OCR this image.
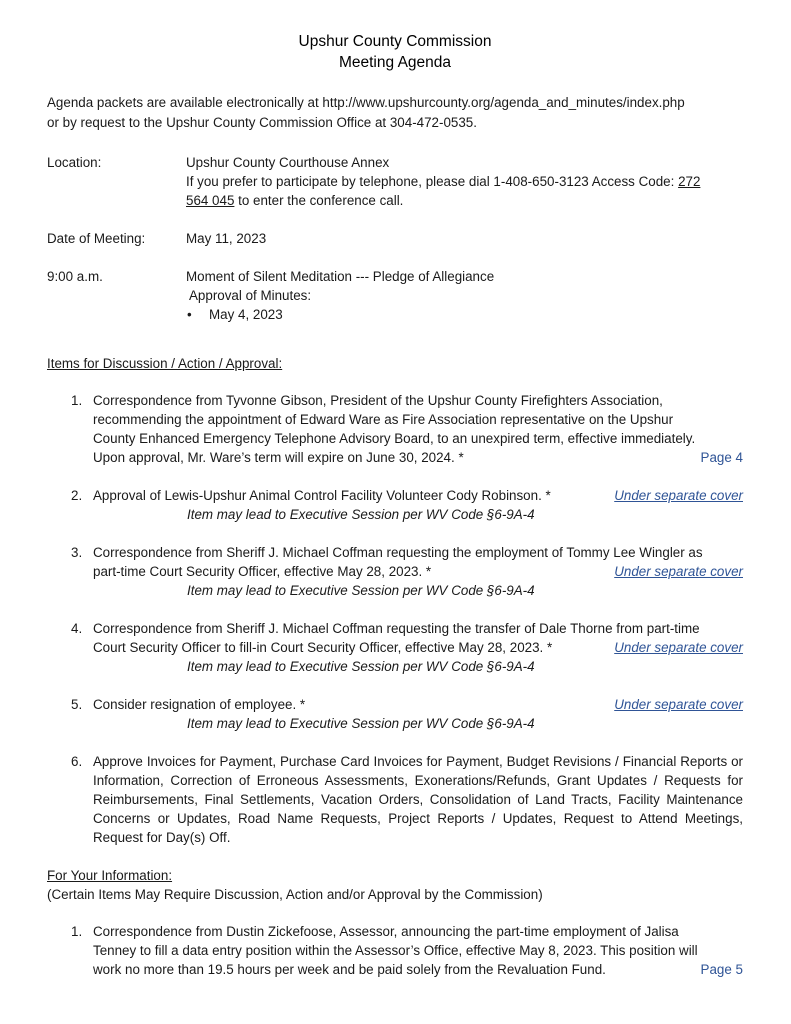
Upshur County Commission
Meeting Agenda
Agenda packets are available electronically at http://www.upshurcounty.org/agenda_and_minutes/index.php
or by request to the Upshur County Commission Office at 304-472-0535.
Location:	Upshur County Courthouse Annex
If you prefer to participate by telephone, please dial 1-408-650-3123 Access Code: 272
564 045 to enter the conference call.
Date of Meeting:	May 11, 2023
9:00 a.m.	Moment of Silent Meditation --- Pledge of Allegiance
Approval of Minutes:
•	May 4, 2023
Items for Discussion / Action / Approval:
1. Correspondence from Tyvonne Gibson, President of the Upshur County Firefighters Association,
recommending the appointment of Edward Ware as Fire Association representative on the Upshur
County Enhanced Emergency Telephone Advisory Board, to an unexpired term, effective immediately.
Upon approval, Mr. Ware’s term will expire on June 30, 2024. *	Page 4
2. Approval of Lewis-Upshur Animal Control Facility Volunteer Cody Robinson. *	Under separate cover
Item may lead to Executive Session per WV Code §6-9A-4
3. Correspondence from Sheriff J. Michael Coffman requesting the employment of Tommy Lee Wingler as
part-time Court Security Officer, effective May 28, 2023. *	Under separate cover
Item may lead to Executive Session per WV Code §6-9A-4
4. Correspondence from Sheriff J. Michael Coffman requesting the transfer of Dale Thorne from part-time
Court Security Officer to fill-in Court Security Officer, effective May 28, 2023. *	Under separate cover
Item may lead to Executive Session per WV Code §6-9A-4
5. Consider resignation of employee. *	Under separate cover
Item may lead to Executive Session per WV Code §6-9A-4
6. Approve Invoices for Payment, Purchase Card Invoices for Payment, Budget Revisions / Financial Reports or Information, Correction of Erroneous Assessments, Exonerations/Refunds, Grant Updates / Requests for Reimbursements, Final Settlements, Vacation Orders, Consolidation of Land Tracts, Facility Maintenance Concerns or Updates, Road Name Requests, Project Reports / Updates, Request to Attend Meetings, Request for Day(s) Off.
For Your Information:
(Certain Items May Require Discussion, Action and/or Approval by the Commission)
1. Correspondence from Dustin Zickefoose, Assessor, announcing the part-time employment of Jalisa
Tenney to fill a data entry position within the Assessor’s Office, effective May 8, 2023. This position will
work no more than 19.5 hours per week and be paid solely from the Revaluation Fund.	Page 5
